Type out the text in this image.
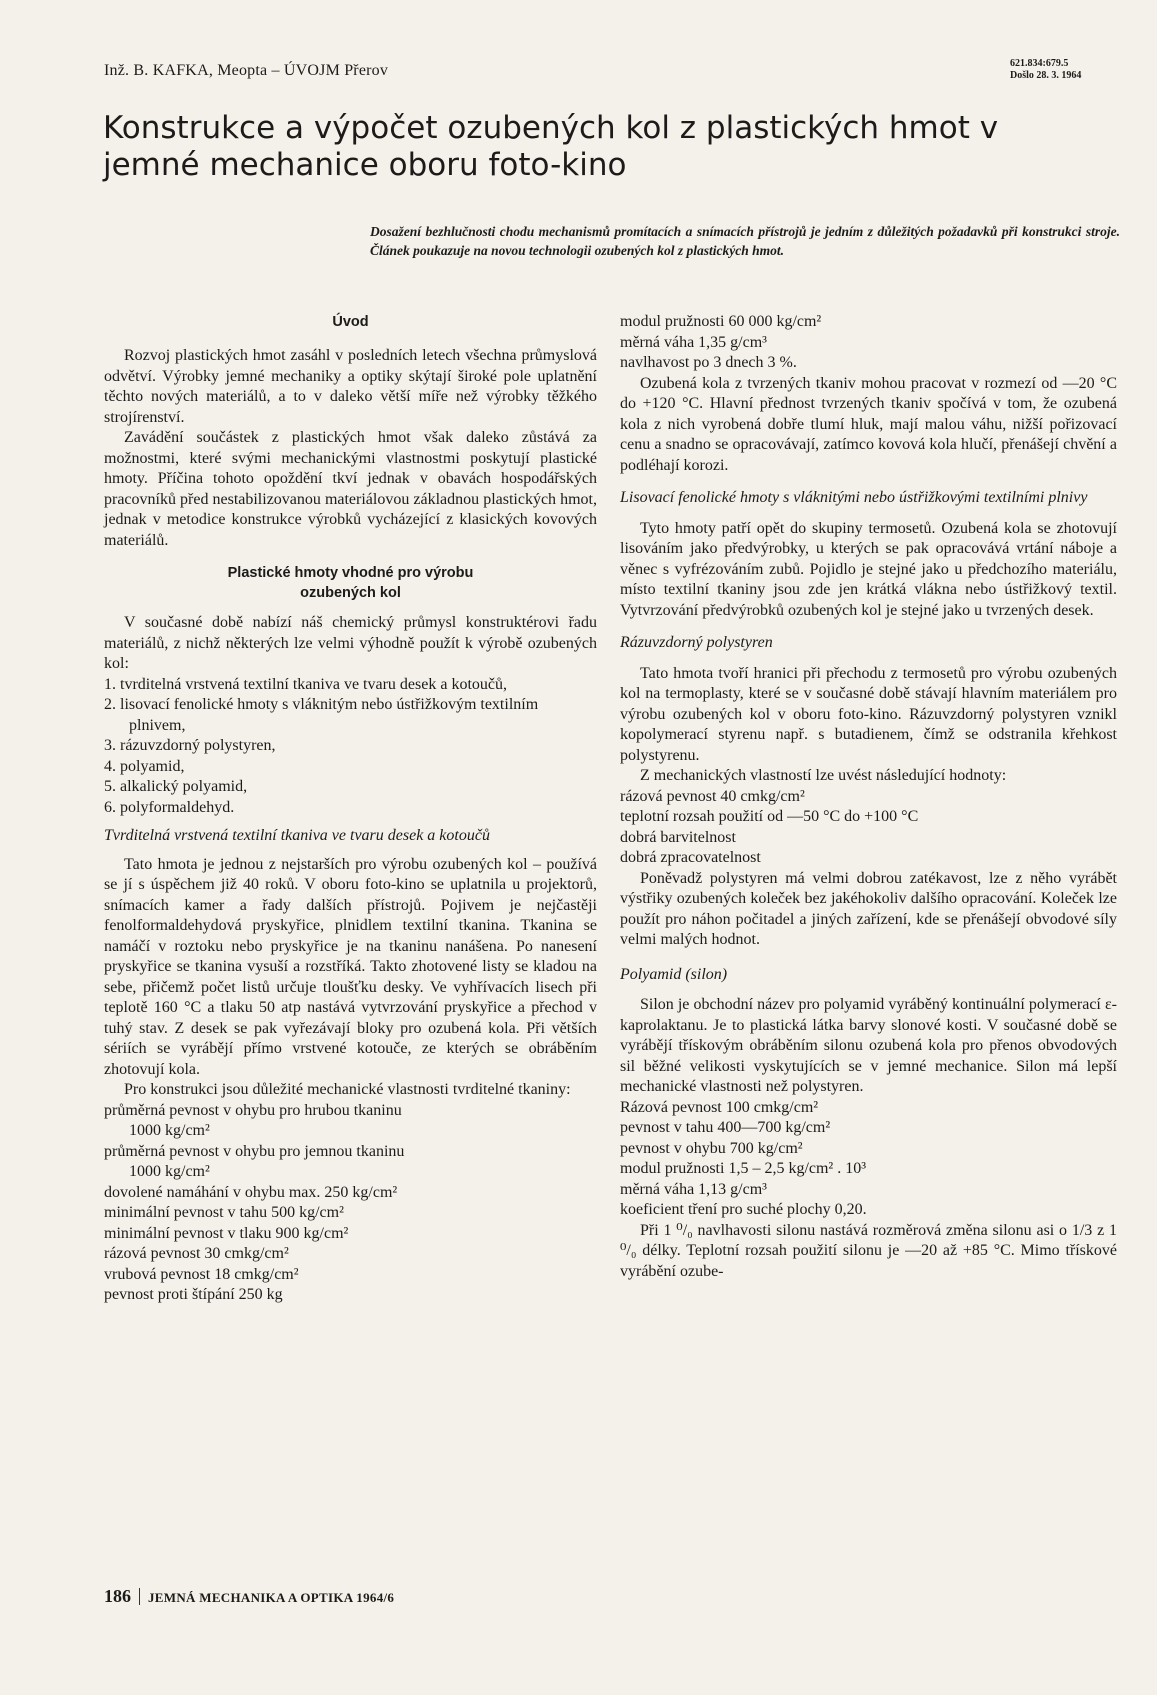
Inž. B. KAFKA, Meopta – ÚVOJM Přerov	621.834:679.5
Došlo 28. 3. 1964
Konstrukce a výpočet ozubených kol z plastických hmot v jemné mechanice oboru foto-kino
Dosažení bezhlučnosti chodu mechanismů promítacích a snímacích přístrojů je jedním z důležitých požadavků při konstrukci stroje. Článek poukazuje na novou technologii ozubených kol z plastických hmot.

Úvod

Rozvoj plastických hmot zasáhl v posledních letech všechna průmyslová odvětví. Výrobky jemné mechaniky a optiky skýtají široké pole uplatnění těchto nových materiálů, a to v daleko větší míře než výrobky těžkého strojírenství.

Zavádění součástek z plastických hmot však daleko zůstává za možnostmi, které svými mechanickými vlastnostmi poskytují plastické hmoty. Příčina tohoto opoždění tkví jednak v obavách hospodářských pracovníků před nestabilizovanou materiálovou základnou plastických hmot, jednak v metodice konstrukce výrobků vycházející z klasických kovových materiálů.

Plastické hmoty vhodné pro výrobu
ozubených kol

V současné době nabízí náš chemický průmysl konstruktérovi řadu materiálů, z nichž některých lze velmi výhodně použít k výrobě ozubených kol:

1. tvrditelná vrstvená textilní tkaniva ve tvaru desek a kotoučů,
2. lisovací fenolické hmoty s vláknitým nebo ústřižkovým textilním plnivem,
3. rázuvzdorný polystyren,
4. polyamid,
5. alkalický polyamid,
6. polyformaldehyd.

Tvrditelná vrstvená textilní tkaniva ve tvaru desek a kotoučů

Tato hmota je jednou z nejstarších pro výrobu ozubených kol – používá se jí s úspěchem již 40 roků. V oboru foto-kino se uplatnila u projektorů, snímacích kamer a řady dalších přístrojů. Pojivem je nejčastěji fenolformaldehydová pryskyřice, plnidlem textilní tkanina. Tkanina se namáčí v roztoku nebo pryskyřice je na tkaninu nanášena. Po nanesení pryskyřice se tkanina vysuší a rozstříká. Takto zhotovené listy se kladou na sebe, přičemž počet listů určuje tloušťku desky. Ve vyhřívacích lisech při teplotě 160 °C a tlaku 50 atp nastává vytvrzování pryskyřice a přechod v tuhý stav. Z desek se pak vyřezávají bloky pro ozubená kola. Při větších sériích se vyrábějí přímo vrstvené kotouče, ze kterých se obráběním zhotovují kola.

Pro konstrukci jsou důležité mechanické vlastnosti tvrditelné tkaniny:

průměrná pevnost v ohybu pro hrubou tkaninu

1000 kg/cm²

průměrná pevnost v ohybu pro jemnou tkaninu

1000 kg/cm²

dovolené namáhání v ohybu max. 250 kg/cm²

minimální pevnost v tahu 500 kg/cm²

minimální pevnost v tlaku 900 kg/cm²

rázová pevnost 30 cmkg/cm²

vrubová pevnost 18 cmkg/cm²

pevnost proti štípání 250 kg

modul pružnosti 60 000 kg/cm²

měrná váha 1,35 g/cm³

navlhavost po 3 dnech 3 %.

Ozubená kola z tvrzených tkaniv mohou pracovat v rozmezí od —20 °C do +120 °C. Hlavní přednost tvrzených tkaniv spočívá v tom, že ozubená kola z nich vyrobená dobře tlumí hluk, mají malou váhu, nižší pořizovací cenu a snadno se opracovávají, zatímco kovová kola hlučí, přenášejí chvění a podléhají korozi.

Lisovací fenolické hmoty s vláknitými nebo ústřižkovými textilními plnivy

Tyto hmoty patří opět do skupiny termosetů. Ozubená kola se zhotovují lisováním jako předvýrobky, u kterých se pak opracovává vrtání náboje a věnec s vyfrézováním zubů. Pojidlo je stejné jako u předchozího materiálu, místo textilní tkaniny jsou zde jen krátká vlákna nebo ústřižkový textil. Vytvrzování předvýrobků ozubených kol je stejné jako u tvrzených desek.

Rázuvzdorný polystyren

Tato hmota tvoří hranici při přechodu z termosetů pro výrobu ozubených kol na termoplasty, které se v současné době stávají hlavním materiálem pro výrobu ozubených kol v oboru foto-kino. Rázuvzdorný polystyren vznikl kopolymerací styrenu např. s butadienem, čímž se odstranila křehkost polystyrenu.

Z mechanických vlastností lze uvést následující hodnoty:

rázová pevnost 40 cmkg/cm²

teplotní rozsah použití od —50 °C do +100 °C

dobrá barvitelnost

dobrá zpracovatelnost

Poněvadž polystyren má velmi dobrou zatékavost, lze z něho vyrábět výstřiky ozubených koleček bez jakéhokoliv dalšího opracování. Koleček lze použít pro náhon počitadel a jiných zařízení, kde se přenášejí obvodové síly velmi malých hodnot.

Polyamid (silon)

Silon je obchodní název pro polyamid vyráběný kontinuální polymerací ε-kaprolaktanu. Je to plastická látka barvy slonové kosti. V současné době se vyrábějí třískovým obráběním silonu ozubená kola pro přenos obvodových sil běžné velikosti vyskytujících se v jemné mechanice. Silon má lepší mechanické vlastnosti než polystyren.

Rázová pevnost 100 cmkg/cm²

pevnost v tahu 400—700 kg/cm²

pevnost v ohybu 700 kg/cm²

modul pružnosti 1,5 – 2,5 kg/cm² . 10³

měrná váha 1,13 g/cm³

koeficient tření pro suché plochy 0,20.

Při 1 ⁰/₀ navlhavosti silonu nastává rozměrová změna silonu asi o 1/3 z 1 ⁰/₀ délky. Teplotní rozsah použití silonu je —20 až +85 °C. Mimo třískové vyrábění ozube-

186 JEMNÁ MECHANIKA A OPTIKA 1964/6
